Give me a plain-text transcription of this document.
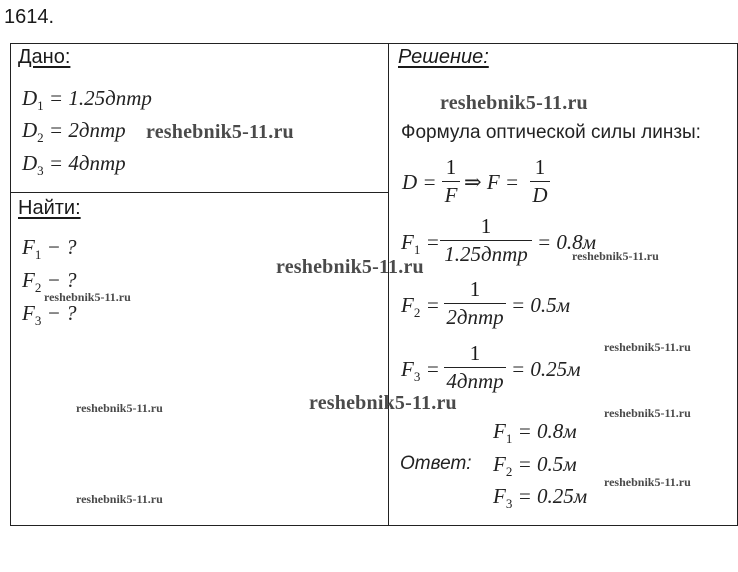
1614.
Дано:
$D_1$ = 1.25дптр
$D_2$ = 2дптр
$D_3$ = 4дптр
Найти:
$F_1$ − ?
$F_2$ − ?
$F_3$ − ?
Решение:
Формула оптической силы линзы:
D =
1
F
⇒ F =
1
D
$F_1$ =
1
1.25дптр = 0.8м
$F_2$ =
1
2дптр = 0.5м
$F_3$ =
1
4дптр = 0.25м
$F_1 = 0.8м$
Ответ: $F_2 = 0.5м$
$F_3 = 0.25м$
reshebnik5-11.ru
reshebnik5-11.ru
reshebnik5-11.ru	reshebnik5-11.ru
reshebnik5-11.ru
reshebnik5-11.ru
reshebnik5-11.ru	reshebnik5-11.ru	reshebnik5-11.ru
reshebnik5-11.ru
reshebnik5-11.ru
